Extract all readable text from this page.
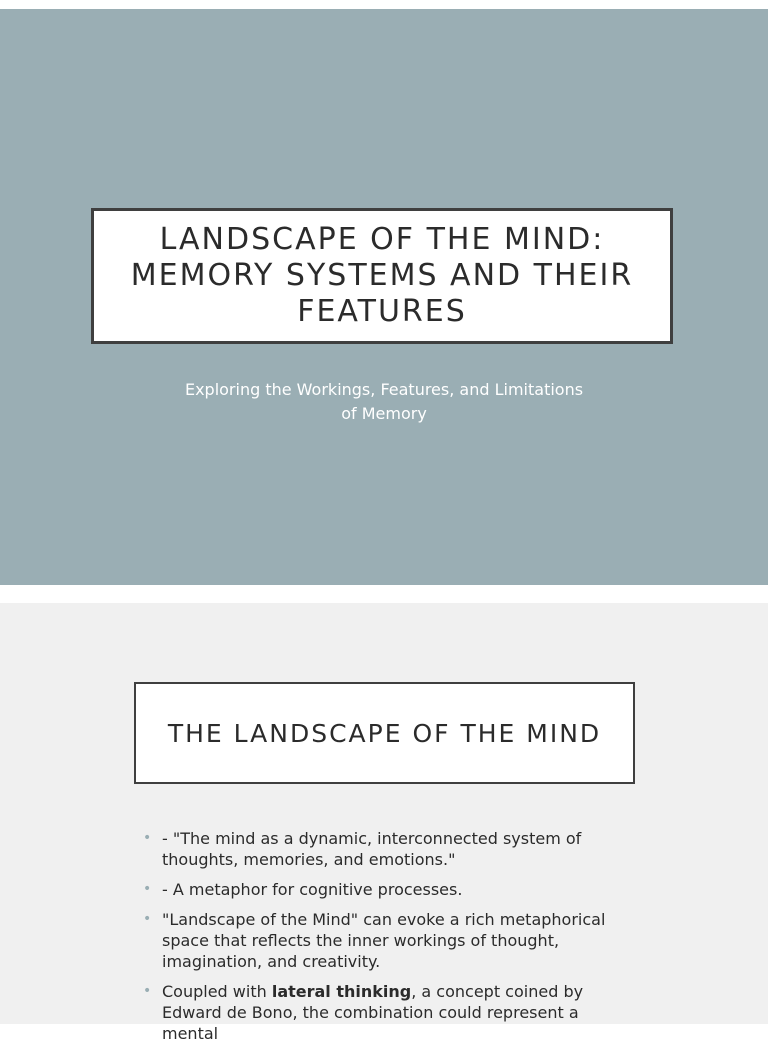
LANDSCAPE OF THE MIND:
MEMORY SYSTEMS AND THEIR
FEATURES

Exploring the Workings, Features, and Limitations
of Memory

THE LANDSCAPE OF THE MIND
• - "The mind as a dynamic, interconnected system of
thoughts, memories, and emotions."
• - A metaphor for cognitive processes.
• "Landscape of the Mind" can evoke a rich metaphorical
space that reflects the inner workings of thought,
imagination, and creativity.
• Coupled with lateral thinking, a concept coined by
Edward de Bono, the combination could represent a mental
